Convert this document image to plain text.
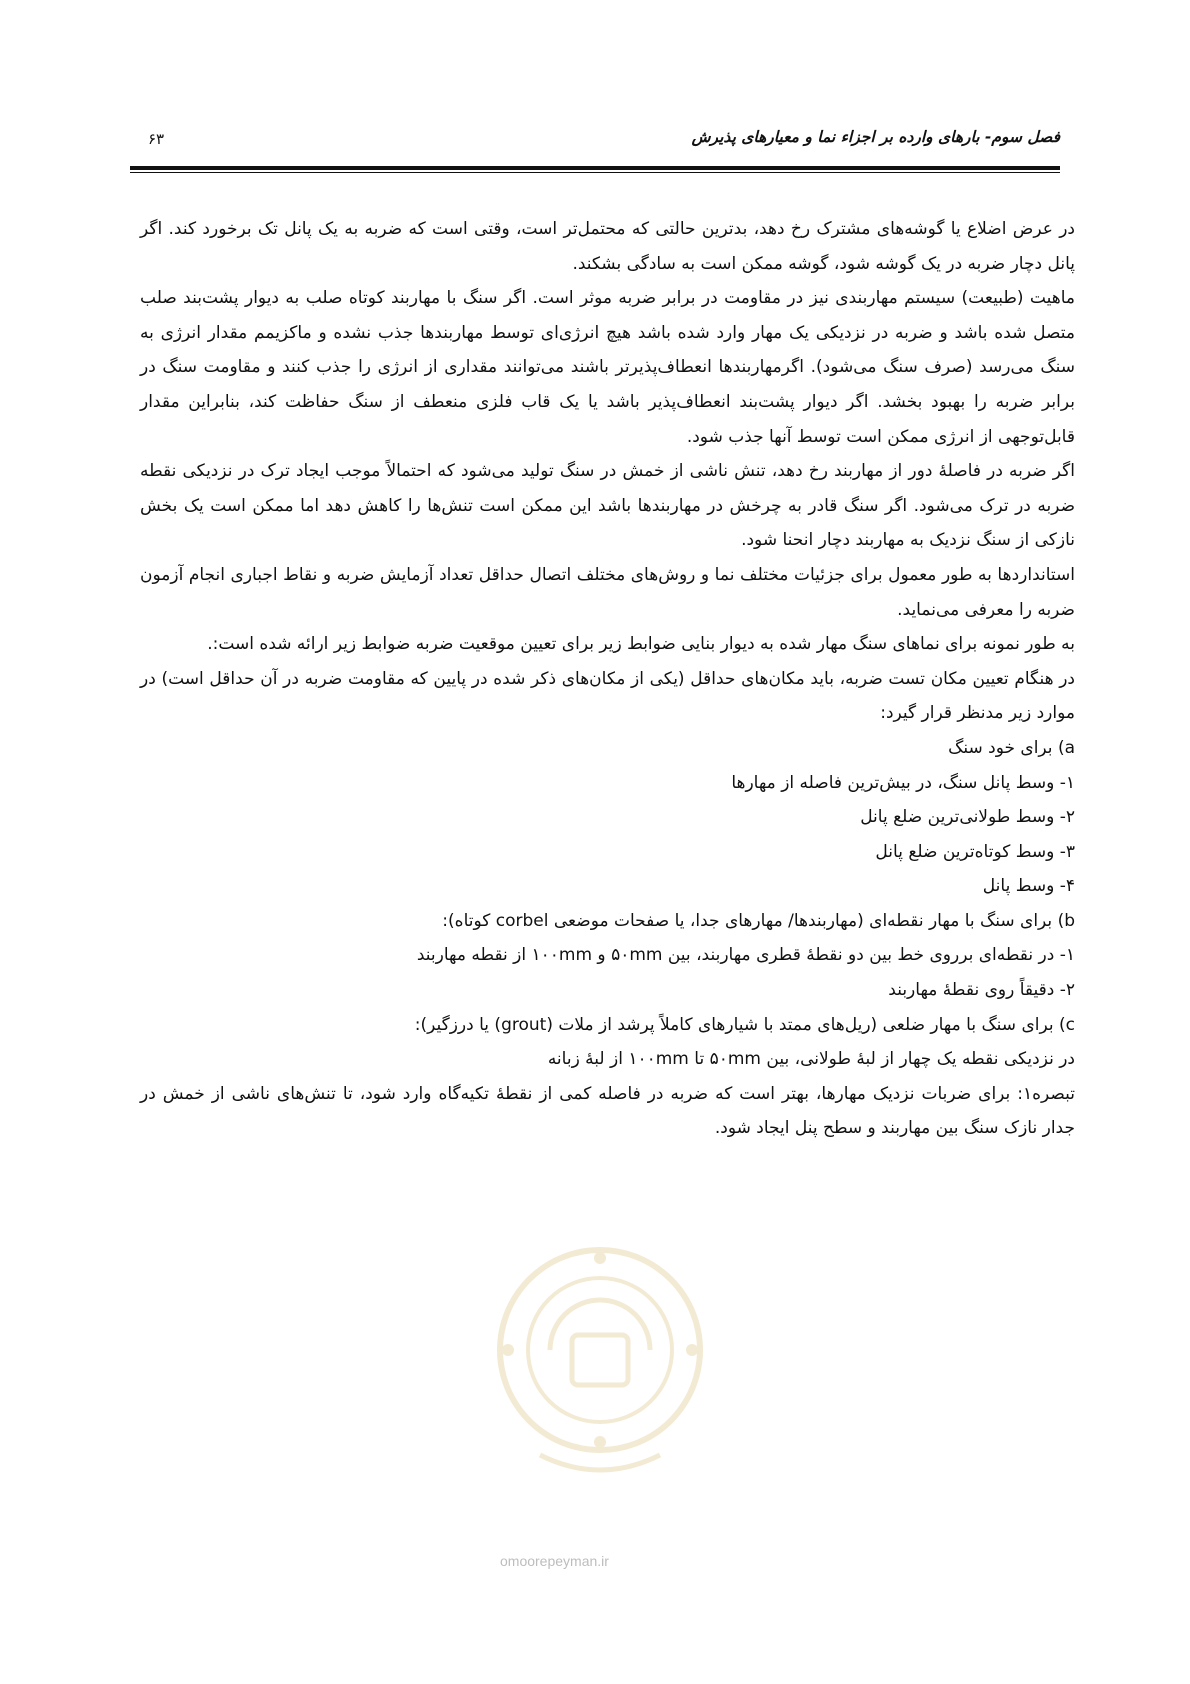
فصل سوم- بارهای وارده بر اجزاء نما و معیارهای پذیرش
۶۳

در عرض اضلاع یا گوشه‌های مشترک رخ دهد، بدترین حالتی که محتمل‌تر است، وقتی است که ضربه به یک پانل تک برخورد کند. اگر پانل دچار ضربه در یک گوشه شود، گوشه ممکن است به سادگی بشکند.

ماهیت (طبیعت) سیستم مهاربندی نیز در مقاومت در برابر ضربه موثر است. اگر سنگ با مهاربند کوتاه صلب به دیوار پشت‌بند صلب متصل شده باشد و ضربه در نزدیکی یک مهار وارد شده باشد هیچ انرژی‌ای توسط مهاربندها جذب نشده و ماکزیمم مقدار انرژی به سنگ می‌رسد (صرف سنگ می‌شود). اگرمهاربندها انعطاف‌پذیرتر باشند می‌توانند مقداری از انرژی را جذب کنند و مقاومت سنگ در برابر ضربه را بهبود بخشد. اگر دیوار پشت‌بند انعطاف‌پذیر باشد یا یک قاب فلزی منعطف از سنگ حفاظت کند، بنابراین مقدار قابل‌توجهی از انرژی ممکن است توسط آنها جذب شود.

اگر ضربه در فاصلهٔ دور از مهاربند رخ دهد، تنش ناشی از خمش در سنگ تولید می‌شود که احتمالاً موجب ایجاد ترک در نزدیکی نقطه ضربه در ترک می‌شود. اگر سنگ قادر به چرخش در مهاربندها باشد این ممکن است تنش‌ها را کاهش دهد اما ممکن است یک بخش نازکی از سنگ نزدیک به مهاربند دچار انحنا شود.

استانداردها به طور معمول برای جزئیات مختلف نما و روش‌های مختلف اتصال حداقل تعداد آزمایش ضربه و نقاط اجباری انجام آزمون ضربه را معرفی می‌نماید.

به طور نمونه برای نماهای سنگ مهار شده به دیوار بنایی ضوابط زیر برای تعیین موقعیت ضربه ضوابط زیر ارائه شده است:.

در هنگام تعیین مکان تست ضربه، باید مکان‌های حداقل (یکی از مکان‌های ذکر شده در پایین که مقاومت ضربه در آن حداقل است) در موارد زیر مدنظر قرار گیرد:

a) برای خود سنگ

۱- وسط پانل سنگ، در بیش‌ترین فاصله از مهارها

۲- وسط طولانی‌ترین ضلع پانل

۳- وسط کوتاه‌ترین ضلع پانل

۴- وسط پانل

b) برای سنگ با مهار نقطه‌ای (مهاربندها/ مهارهای جدا، یا صفحات موضعی corbel کوتاه):

۱- در نقطه‌ای برروی خط بین دو نقطهٔ قطری مهاربند، بین ۵۰mm و ۱۰۰mm از نقطه مهاربند

۲- دقیقاً روی نقطهٔ مهاربند

c) برای سنگ با مهار ضلعی (ریل‌های ممتد با شیارهای کاملاً پرشد از ملات (grout) یا درزگیر):

در نزدیکی نقطه یک چهار از لبهٔ طولانی، بین ۵۰mm تا ۱۰۰mm از لبهٔ زبانه

تبصره۱: برای ضربات نزدیک مهارها، بهتر است که ضربه در فاصله کمی از نقطهٔ تکیه‌گاه وارد شود، تا تنش‌های ناشی از خمش در جدار نازک سنگ بین مهاربند و سطح پنل ایجاد شود.

omoorepeyman.ir
